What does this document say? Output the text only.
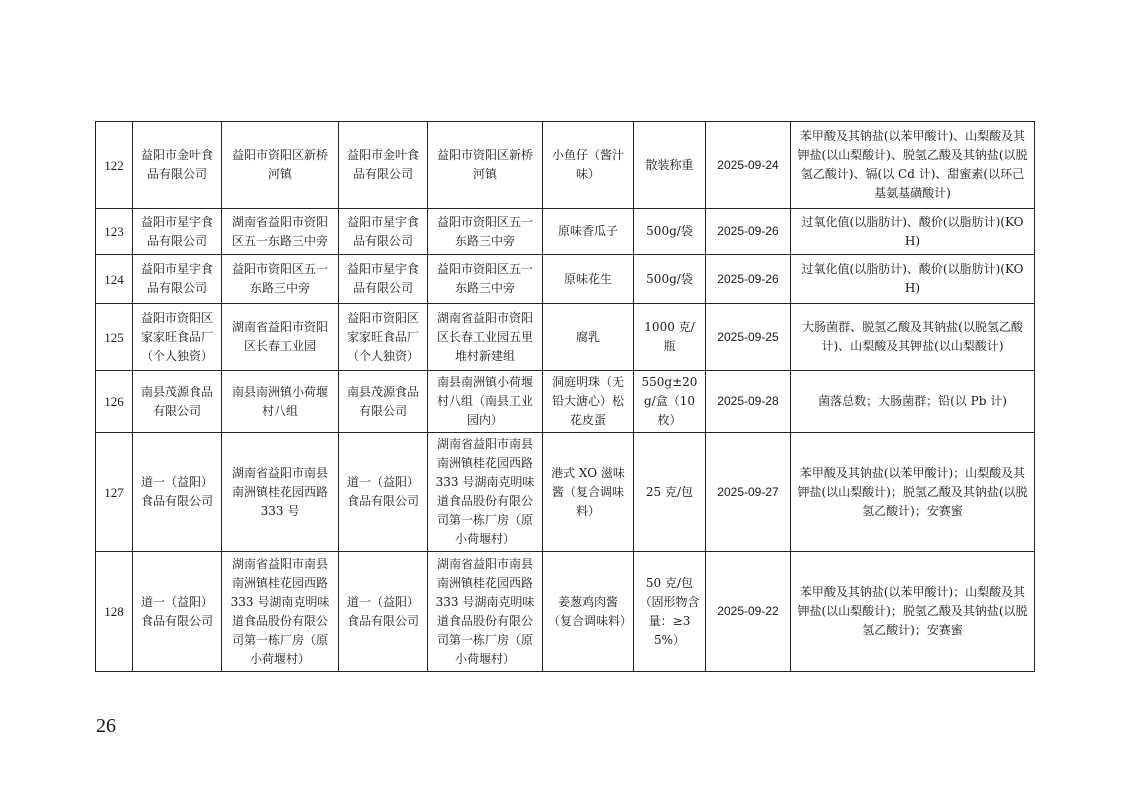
122	益阳市金叶食品有限公司	益阳市资阳区新桥河镇	益阳市金叶食品有限公司	益阳市资阳区新桥河镇	小鱼仔（酱汁味）	散装称重	2025-09-24	苯甲酸及其钠盐(以苯甲酸计)、山梨酸及其钾盐(以山梨酸计)、脱氢乙酸及其钠盐(以脱氢乙酸计)、镉(以 Cd 计)、甜蜜素(以环己基氨基磺酸计)
123	益阳市星宇食品有限公司	湖南省益阳市资阳区五一东路三中旁	益阳市星宇食品有限公司	益阳市资阳区五一东路三中旁	原味香瓜子	500g/袋	2025-09-26	过氧化值(以脂肪计)、酸价(以脂肪计)(KOH)
124	益阳市星宇食品有限公司	益阳市资阳区五一东路三中旁	益阳市星宇食品有限公司	益阳市资阳区五一东路三中旁	原味花生	500g/袋	2025-09-26	过氧化值(以脂肪计)、酸价(以脂肪计)(KOH)
125	益阳市资阳区家家旺食品厂（个人独资）	湖南省益阳市资阳区长春工业园	益阳市资阳区家家旺食品厂（个人独资）	湖南省益阳市资阳区长春工业园五里堆村新建组	腐乳	1000 克/瓶	2025-09-25	大肠菌群、脱氢乙酸及其钠盐(以脱氢乙酸计)、山梨酸及其钾盐(以山梨酸计)
126	南县茂源食品有限公司	南县南洲镇小荷堰村八组	南县茂源食品有限公司	南县南洲镇小荷堰村八组（南县工业园内）	洞庭明珠（无铅大溏心）松花皮蛋	550g±20g/盒（10 枚）	2025-09-28	菌落总数；大肠菌群；铅(以 Pb 计)
127	道一（益阳）食品有限公司	湖南省益阳市南县南洲镇桂花园西路 333 号	道一（益阳）食品有限公司	湖南省益阳市南县南洲镇桂花园西路 333 号湖南克明味道食品股份有限公司第一栋厂房（原小荷堰村）	港式 XO 滋味酱（复合调味料）	25 克/包	2025-09-27	苯甲酸及其钠盐(以苯甲酸计)；山梨酸及其钾盐(以山梨酸计)；脱氢乙酸及其钠盐(以脱氢乙酸计)；安赛蜜
128	道一（益阳）食品有限公司	湖南省益阳市南县南洲镇桂花园西路 333 号湖南克明味道食品股份有限公司第一栋厂房（原小荷堰村）	道一（益阳）食品有限公司	湖南省益阳市南县南洲镇桂花园西路 333 号湖南克明味道食品股份有限公司第一栋厂房（原小荷堰村）	姜葱鸡肉酱（复合调味料）	50 克/包（固形物含量：≥35%）	2025-09-22	苯甲酸及其钠盐(以苯甲酸计)；山梨酸及其钾盐(以山梨酸计)；脱氢乙酸及其钠盐(以脱氢乙酸计)；安赛蜜
26
